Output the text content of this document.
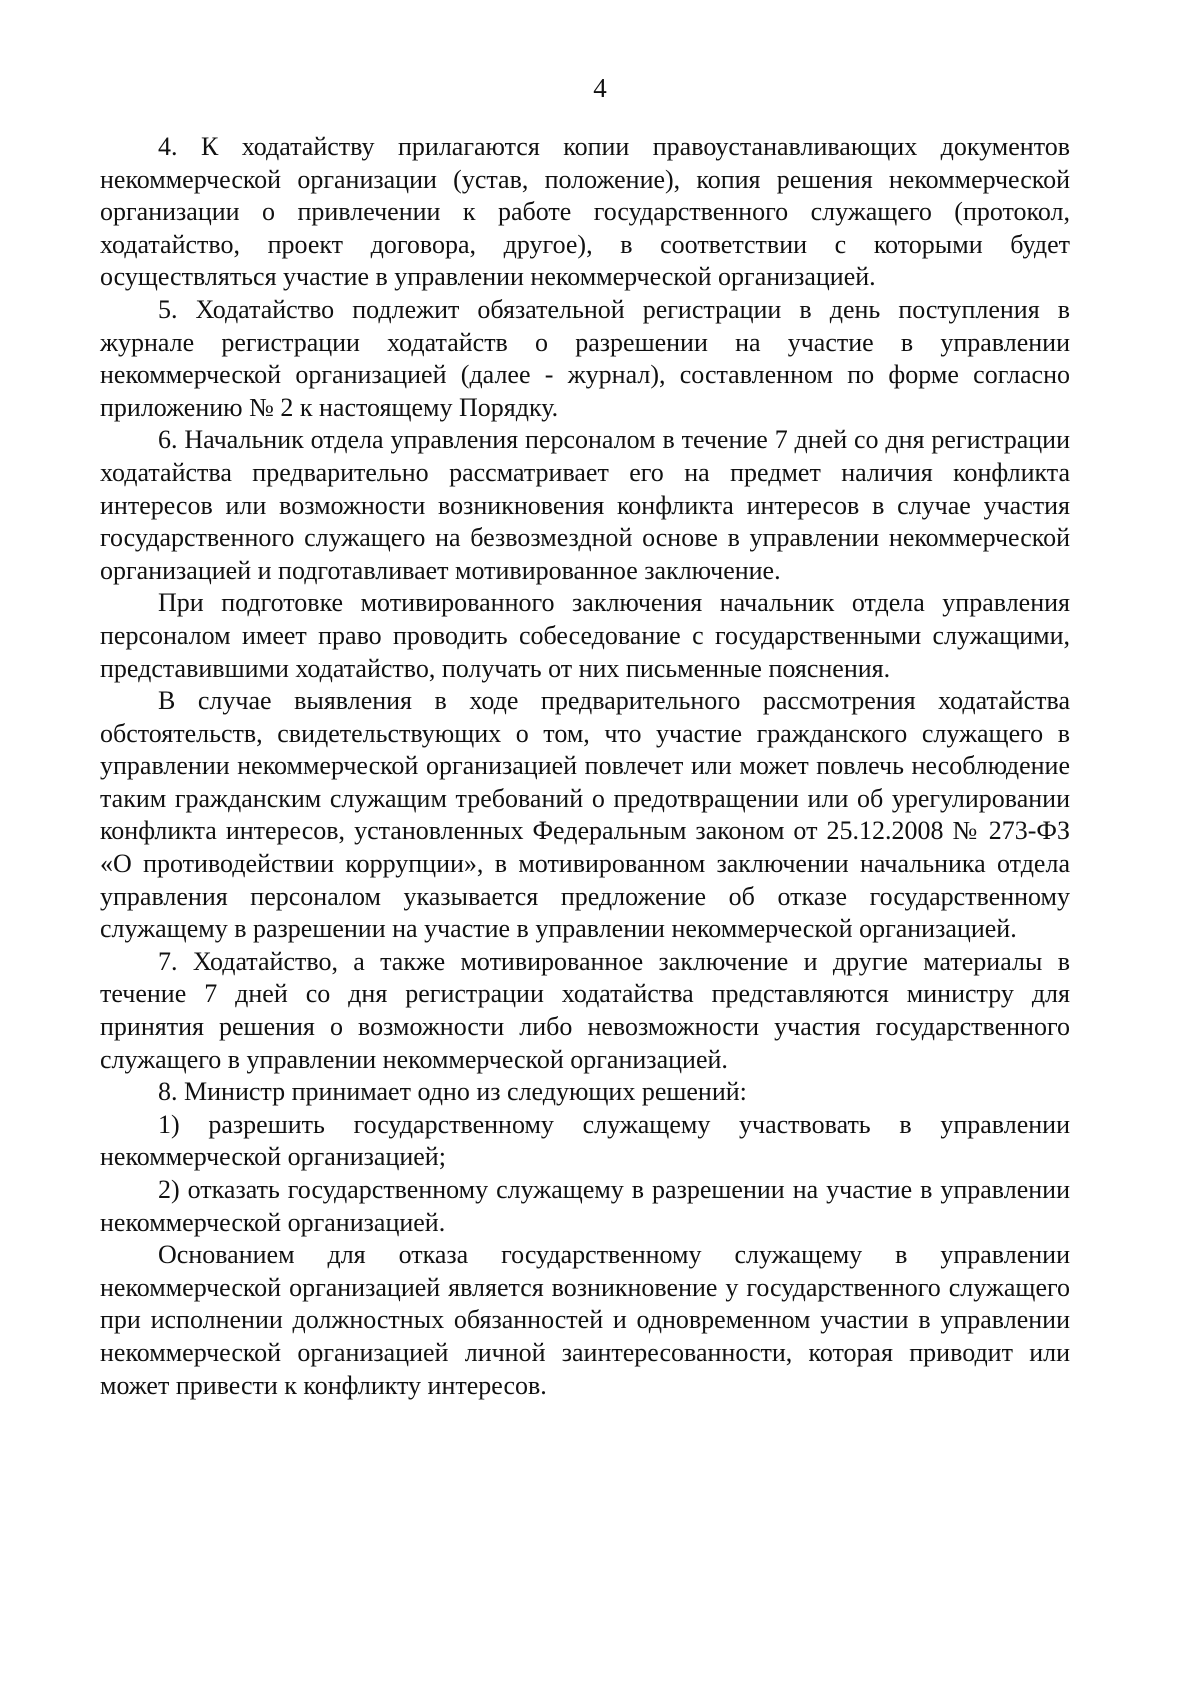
4

4. К ходатайству прилагаются копии правоустанавливающих документов некоммерческой организации (устав, положение), копия решения некоммерческой организации о привлечении к работе государственного служащего (протокол, ходатайство, проект договора, другое), в соответствии с которыми будет осуществляться участие в управлении некоммерческой организацией.

5. Ходатайство подлежит обязательной регистрации в день поступления в журнале регистрации ходатайств о разрешении на участие в управлении некоммерческой организацией (далее - журнал), составленном по форме согласно приложению № 2 к настоящему Порядку.

6. Начальник отдела управления персоналом в течение 7 дней со дня регистрации ходатайства предварительно рассматривает его на предмет наличия конфликта интересов или возможности возникновения конфликта интересов в случае участия государственного служащего на безвозмездной основе в управлении некоммерческой организацией и подготавливает мотивированное заключение.

При подготовке мотивированного заключения начальник отдела управления персоналом имеет право проводить собеседование с государственными служащими, представившими ходатайство, получать от них письменные пояснения.

В случае выявления в ходе предварительного рассмотрения ходатайства обстоятельств, свидетельствующих о том, что участие гражданского служащего в управлении некоммерческой организацией повлечет или может повлечь несоблюдение таким гражданским служащим требований о предотвращении или об урегулировании конфликта интересов, установленных Федеральным законом от 25.12.2008 № 273-ФЗ «О противодействии коррупции», в мотивированном заключении начальника отдела управления персоналом указывается предложение об отказе государственному служащему в разрешении на участие в управлении некоммерческой организацией.

7. Ходатайство, а также мотивированное заключение и другие материалы в течение 7 дней со дня регистрации ходатайства представляются министру для принятия решения о возможности либо невозможности участия государственного служащего в управлении некоммерческой организацией.

8. Министр принимает одно из следующих решений:

1) разрешить государственному служащему участвовать в управлении некоммерческой организацией;

2) отказать государственному служащему в разрешении на участие в управлении некоммерческой организацией.

Основанием для отказа государственному служащему в управлении некоммерческой организацией является возникновение у государственного служащего при исполнении должностных обязанностей и одновременном участии в управлении некоммерческой организацией личной заинтересованности, которая приводит или может привести к конфликту интересов.
